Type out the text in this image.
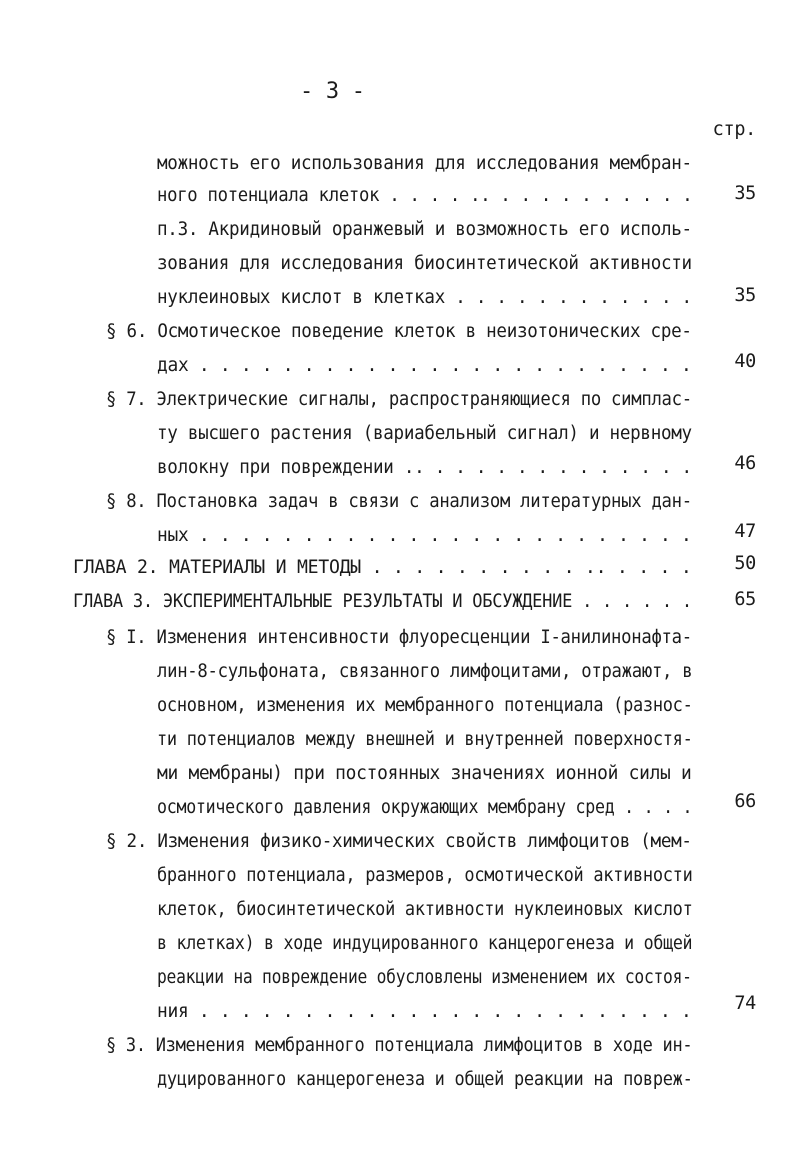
- 3 -
стр.
можность его использования для исследования мембран-
ного потенциала клеток . . . . .. . . . . . . . . . .	35
п.3. Акридиновый оранжевый и возможность его исполь-
зования для исследования биосинтетической активности
нуклеиновых кислот в клетках . . . . . . . . . . . .	35
§ 6. Осмотическое поведение клеток в неизотонических сре-
дах . . . . . . . . . . . . . . . . . . . . . . . .	40
§ 7. Электрические сигналы, распространяющиеся по симплас-
ту высшего растения (вариабельный сигнал) и нервному
волокну при повреждении .. . . . . . . . . . . . . .	46
§ 8. Постановка задач в связи с анализом литературных дан-
ных . . . . . . . . . . . . . . . . . . . . . . . .	47
ГЛАВА 2. МАТЕРИАЛЫ И МЕТОДЫ . . . . . . . . . . .. . . . .	50
ГЛАВА 3. ЭКСПЕРИМЕНТАЛЬНЫЕ РЕЗУЛЬТАТЫ И ОБСУЖДЕНИЕ . . . . . .	65
§ I. Изменения интенсивности флуоресценции I-анилинонафта-
лин-8-сульфоната, связанного лимфоцитами, отражают, в
основном, изменения их мембранного потенциала (разнос-
ти потенциалов между внешней и внутренней поверхностя-
ми мембраны) при постоянных значениях ионной силы и
осмотического давления окружающих мембрану сред . . . .	66
§ 2. Изменения физико-химических свойств лимфоцитов (мем-
бранного потенциала, размеров, осмотической активности
клеток, биосинтетической активности нуклеиновых кислот
в клетках) в ходе индуцированного канцерогенеза и общей
реакции на повреждение обусловлены изменением их состоя-
ния . . . . . . . . . . . . . . . . . . . . . . . .	74
§ 3. Изменения мембранного потенциала лимфоцитов в ходе ин-
дуцированного канцерогенеза и общей реакции на повреж-
